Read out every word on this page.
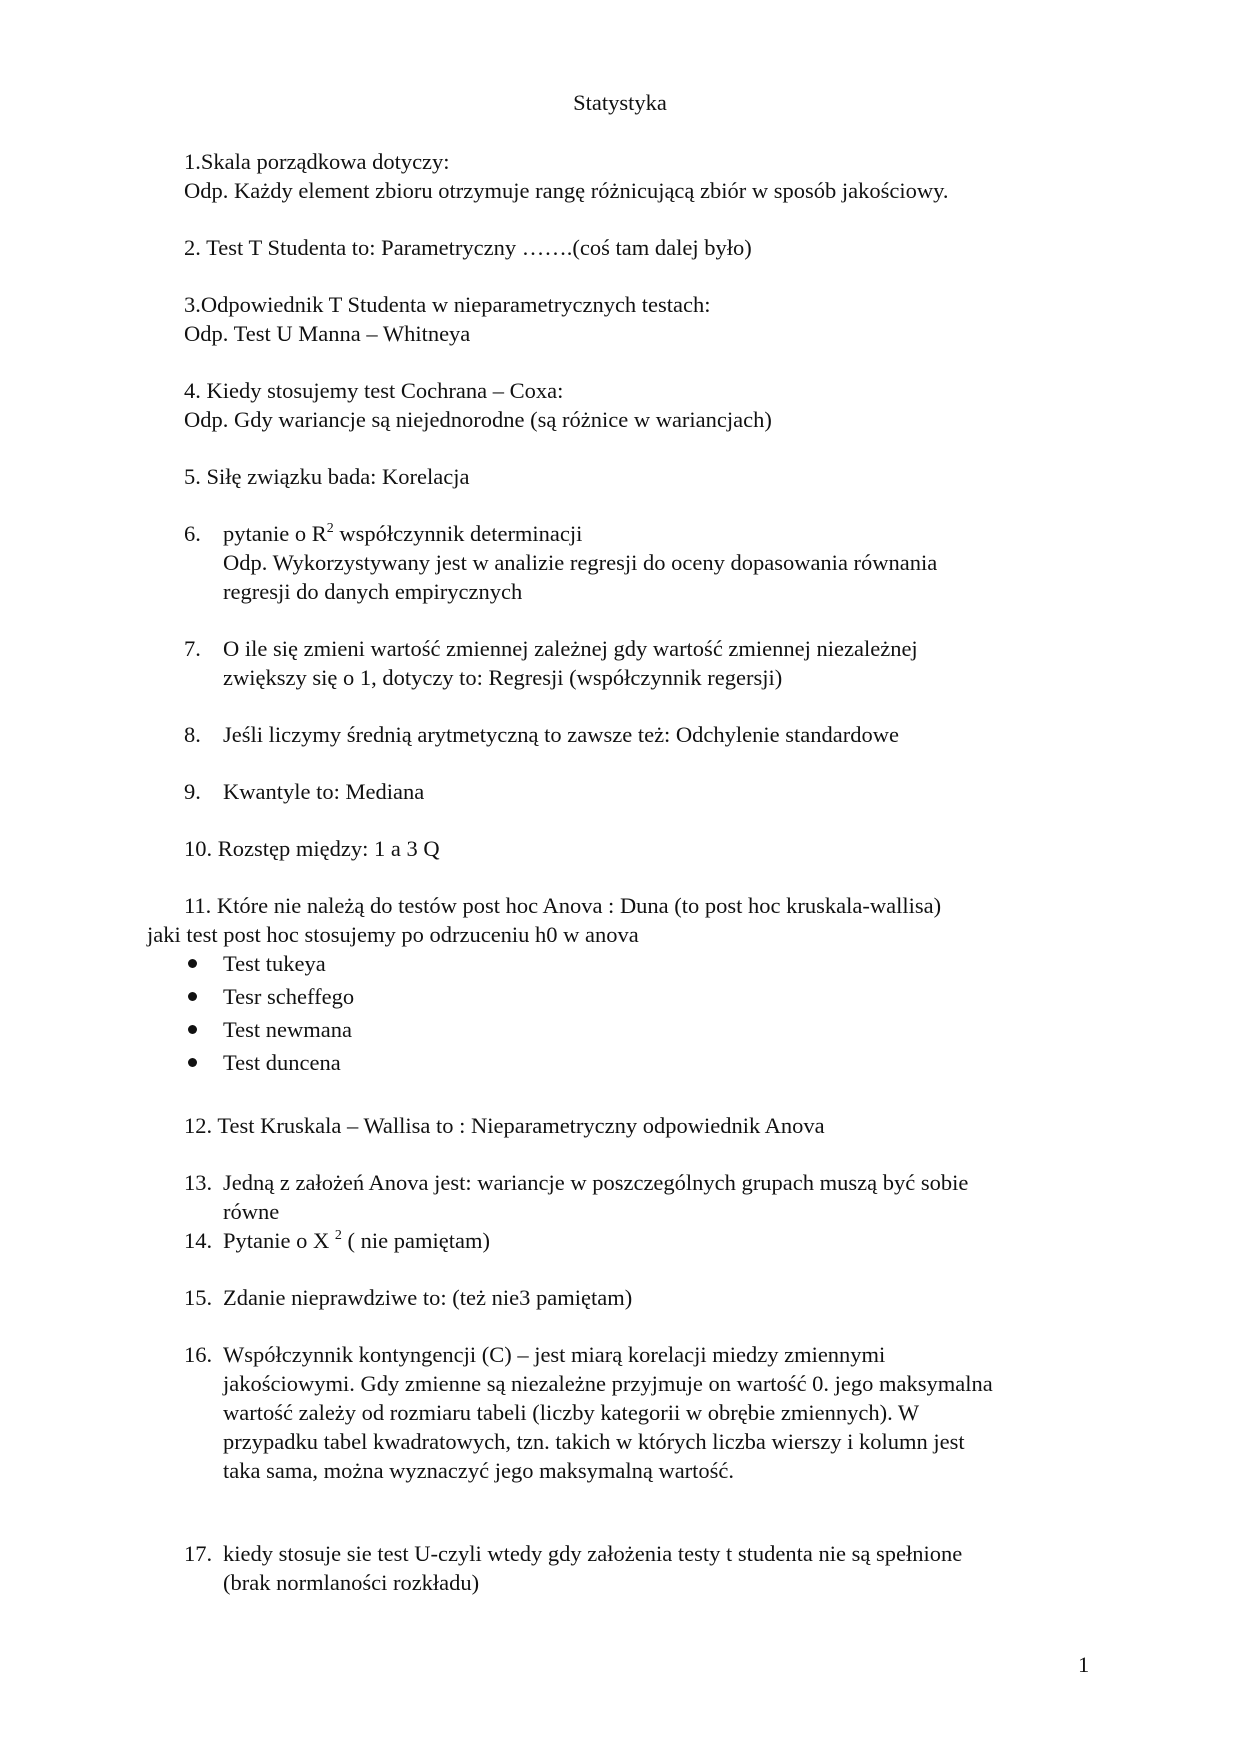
Statystyka
1.Skala porządkowa dotyczy:
Odp. Każdy element zbioru otrzymuje rangę różnicującą zbiór w sposób jakościowy.
2. Test T Studenta to: Parametryczny …….(coś tam dalej było)
3.Odpowiednik T Studenta w nieparametrycznych testach:
Odp. Test U Manna – Whitneya
4. Kiedy stosujemy test Cochrana – Coxa:
Odp. Gdy wariancje są niejednorodne (są różnice w wariancjach)
5. Siłę związku bada: Korelacja
6. pytanie o $R^2$ współczynnik determinacji
Odp. Wykorzystywany jest w analizie regresji do oceny dopasowania równania
regresji do danych empirycznych
7. O ile się zmieni wartość zmiennej zależnej gdy wartość zmiennej niezależnej
zwiększy się o 1, dotyczy to: Regresji (współczynnik regersji)
8. Jeśli liczymy średnią arytmetyczną to zawsze też: Odchylenie standardowe
9. Kwantyle to: Mediana
10. Rozstęp między: 1 a 3 Q
11. Które nie należą do testów post hoc Anova : Duna (to post hoc kruskala-wallisa)
jaki test post hoc stosujemy po odrzuceniu h0 w anova
Test tukeya
Tesr scheffego
Test newmana
Test duncena
12. Test Kruskala – Wallisa to : Nieparametryczny odpowiednik Anova
13. Jedną z założeń Anova jest: wariancje w poszczególnych grupach muszą być sobie
równe
14. Pytanie o X $^2$ ( nie pamiętam)
15. Zdanie nieprawdziwe to: (też nie3 pamiętam)
16. Współczynnik kontyngencji (C) – jest miarą korelacji miedzy zmiennymi
jakościowymi. Gdy zmienne są niezależne przyjmuje on wartość 0. jego maksymalna
wartość zależy od rozmiaru tabeli (liczby kategorii w obrębie zmiennych). W
przypadku tabel kwadratowych, tzn. takich w których liczba wierszy i kolumn jest
taka sama, można wyznaczyć jego maksymalną wartość.
17. kiedy stosuje sie test U-czyli wtedy gdy założenia testy t studenta nie są spełnione
(brak normlaności rozkładu)
1
